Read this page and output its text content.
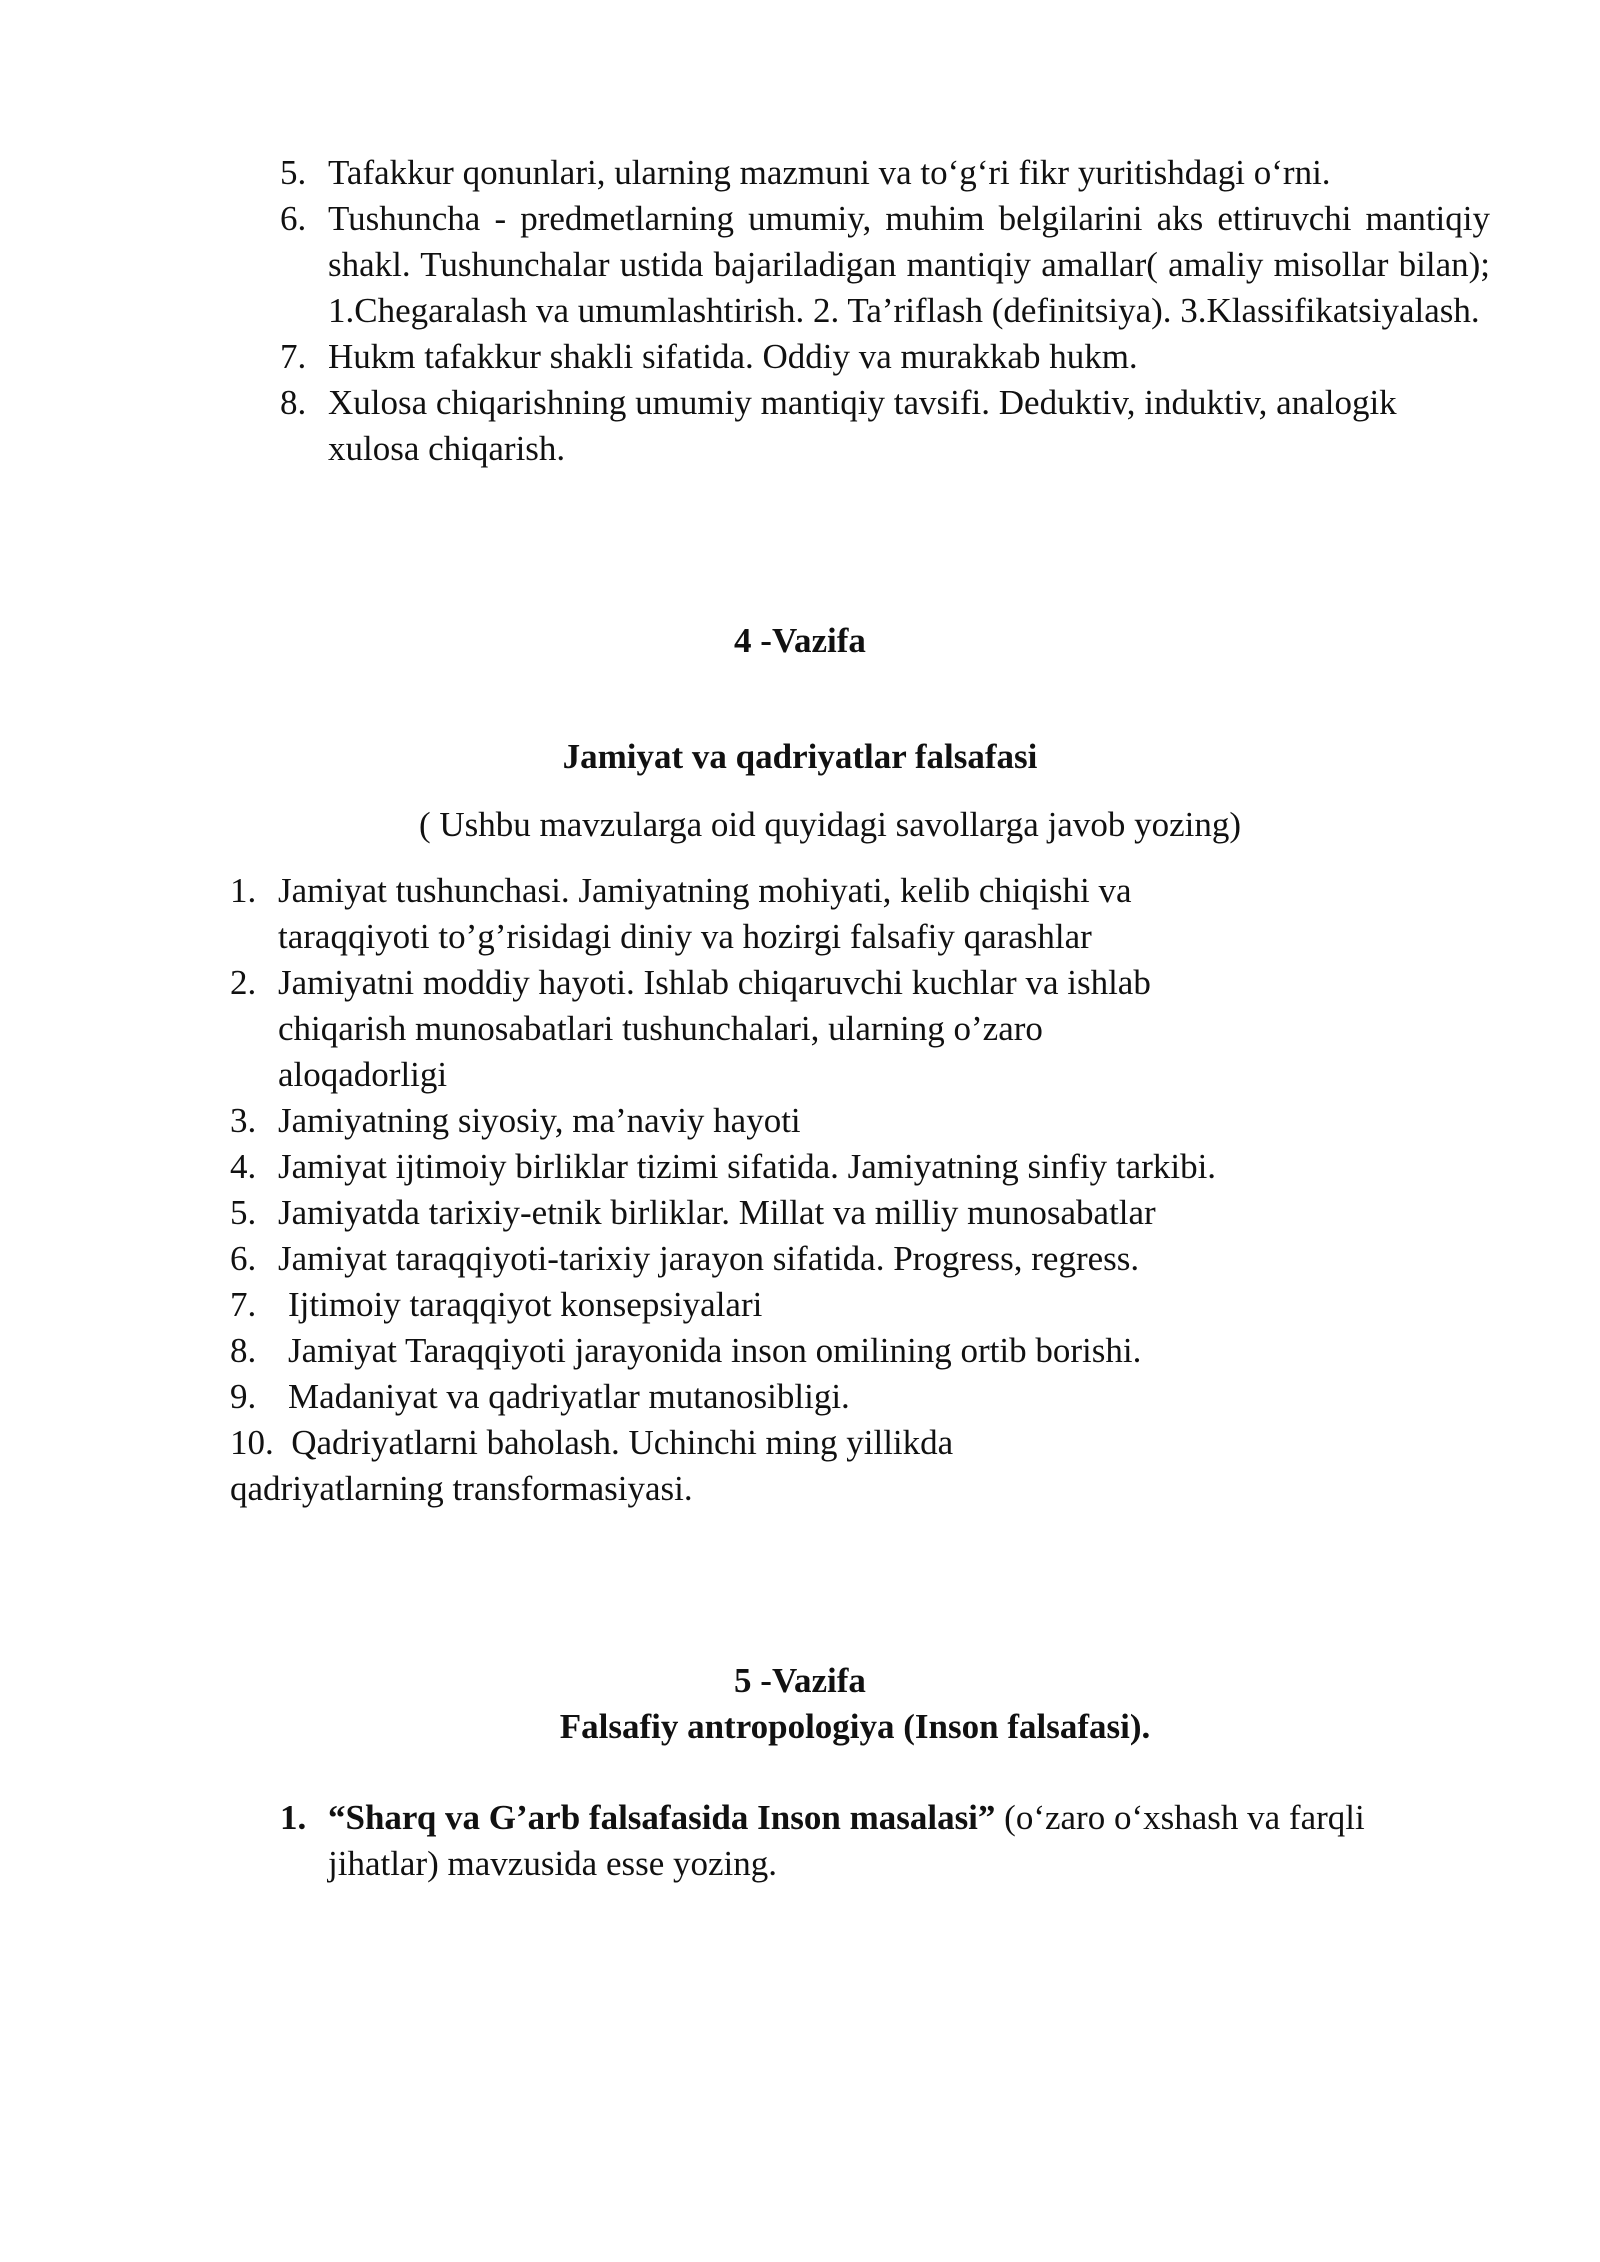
5. Tafakkur qonunlari, ularning mazmuni va to‘g‘ri fikr yuritishdagi o‘rni.
6. Tushuncha - predmetlarning umumiy, muhim belgilarini aks ettiruvchi mantiqiy shakl. Tushunchalar ustida bajariladigan mantiqiy amallar( amaliy misollar bilan); 1.Chegaralash va umumlashtirish. 2. Ta’riflash (definitsiya). 3.Klassifikatsiyalash.
7. Hukm tafakkur shakli sifatida. Oddiy va murakkab hukm.
8. Xulosa chiqarishning umumiy mantiqiy tavsifi. Deduktiv, induktiv, analogik xulosa chiqarish.
4 -Vazifa
Jamiyat va qadriyatlar falsafasi
( Ushbu mavzularga oid quyidagi savollarga javob yozing)
1. Jamiyat tushunchasi. Jamiyatning mohiyati, kelib chiqishi va taraqqiyoti to’g’risidagi diniy va hozirgi falsafiy qarashlar
2. Jamiyatni moddiy hayoti. Ishlab chiqaruvchi kuchlar va ishlab chiqarish munosabatlari tushunchalari, ularning o’zaro aloqadorligi
3. Jamiyatning siyosiy, ma’naviy hayoti
4. Jamiyat ijtimoiy birliklar tizimi sifatida. Jamiyatning sinfiy tarkibi.
5. Jamiyatda tarixiy-etnik birliklar. Millat va milliy munosabatlar
6. Jamiyat taraqqiyoti-tarixiy jarayon sifatida. Progress, regress.
7. Ijtimoiy taraqqiyot konsepsiyalari
8. Jamiyat Taraqqiyoti jarayonida inson omilining ortib borishi.
9. Madaniyat va qadriyatlar mutanosibligi.
10.  Qadriyatlarni baholash. Uchinchi ming yillikda
qadriyatlarning transformasiyasi.
5 -Vazifa
Falsafiy antropologiya (Inson falsafasi).
1. “Sharq va G’arb falsafasida Inson masalasi” (o‘zaro o‘xshash va farqli jihatlar) mavzusida esse yozing.
